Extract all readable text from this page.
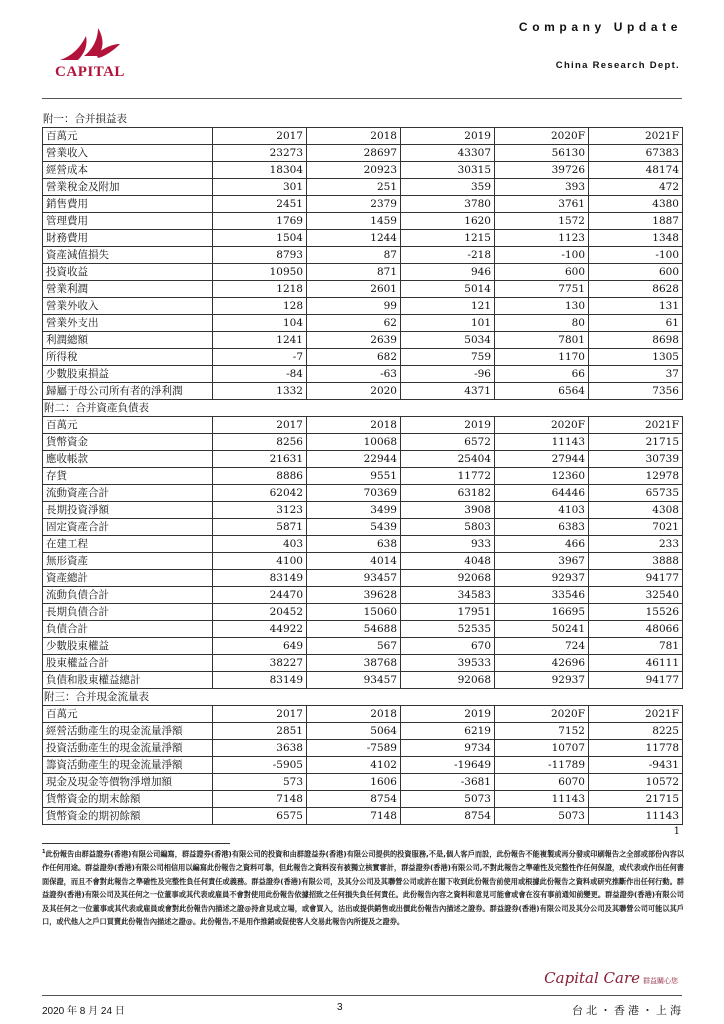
CAPITAL
Company Update
China Research Dept.
附一：合并損益表
百萬元	2017	2018	2019	2020F	2021F
營業收入	23273	28697	43307	56130	67383
經營成本	18304	20923	30315	39726	48174
營業稅金及附加	301	251	359	393	472
銷售費用	2451	2379	3780	3761	4380
管理費用	1769	1459	1620	1572	1887
財務費用	1504	1244	1215	1123	1348
資產減值損失	8793	87	-218	-100	-100
投資收益	10950	871	946	600	600
營業利潤	1218	2601	5014	7751	8628
營業外收入	128	99	121	130	131
營業外支出	104	62	101	80	61
利潤總額	1241	2639	5034	7801	8698
所得稅	-7	682	759	1170	1305
少數股東損益	-84	-63	-96	66	37
歸屬于母公司所有者的淨利潤	1332	2020	4371	6564	7356
附二：合并資產負債表
百萬元	2017	2018	2019	2020F	2021F
貨幣資金	8256	10068	6572	11143	21715
應收帳款	21631	22944	25404	27944	30739
存貨	8886	9551	11772	12360	12978
流動資產合計	62042	70369	63182	64446	65735
長期投資淨額	3123	3499	3908	4103	4308
固定資產合計	5871	5439	5803	6383	7021
在建工程	403	638	933	466	233
無形資產	4100	4014	4048	3967	3888
資產總計	83149	93457	92068	92937	94177
流動負債合計	24470	39628	34583	33546	32540
長期負債合計	20452	15060	17951	16695	15526
負債合計	44922	54688	52535	50241	48066
少數股東權益	649	567	670	724	781
股東權益合計	38227	38768	39533	42696	46111
負債和股東權益總計	83149	93457	92068	92937	94177
附三：合并現金流量表
百萬元	2017	2018	2019	2020F	2021F
經營活動產生的現金流量淨額	2851	5064	6219	7152	8225
投資活動產生的現金流量淨額	3638	-7589	9734	10707	11778
籌資活動產生的現金流量淨額	-5905	4102	-19649	-11789	-9431
現金及現金等價物淨增加額	573	1606	-3681	6070	10572
貨幣資金的期末餘額	7148	8754	5073	11143	21715
貨幣資金的期初餘額	6575	7148	8754	5073	11143
1
$^1$此份報告由群益證券(香港)有限公司編寫，群益證券(香港)有限公司的投資和由群證益券(香港)有限公司提供的投資服務,不是,個人客戶而設，此份報告不能複製或再分發或印刷報告之全部或部份內容以作任何用途。群益證券(香港)有限公司相信用以編寫此份報告之資料可靠，但此報告之資料沒有被獨立核實審計，群益證券(香港)有限公司,不對此報告之準確性及完整性作任何保證，或代表或作出任何書面保證，而且不會對此報告之準確性及完整性負任何責任或義務。群益證券(香港)有限公司，及其分公司及其聯營公司或許在閣下收到此份報告前使用或根據此份報告之資料或研究推斷作出任何行動。群益證券(香港)有限公司及其任何之一位董事或其代表或雇員不會對使用此份報告依據招致之任何損失負任何責任。此份報告內容之資料和意見可能會或會在沒有事前通知前變更。群益證券(香港)有限公司及其任何之一位董事或其代表或雇員或會對此份報告內描述之證@持倉見或立場，或會買入，沽出或提供銷售或出價此份報告內描述之證券。群益證券(香港)有限公司及其分公司及其聯營公司可能以其戶口，或代他人之戶口買賣此份報告內描述之證@。此份報告,不是用作推銷或促使客人交易此報告內所提及之證券。
Capital Care 群益關心您
2020 年 8 月 24 日	3	台北・香港・上海
